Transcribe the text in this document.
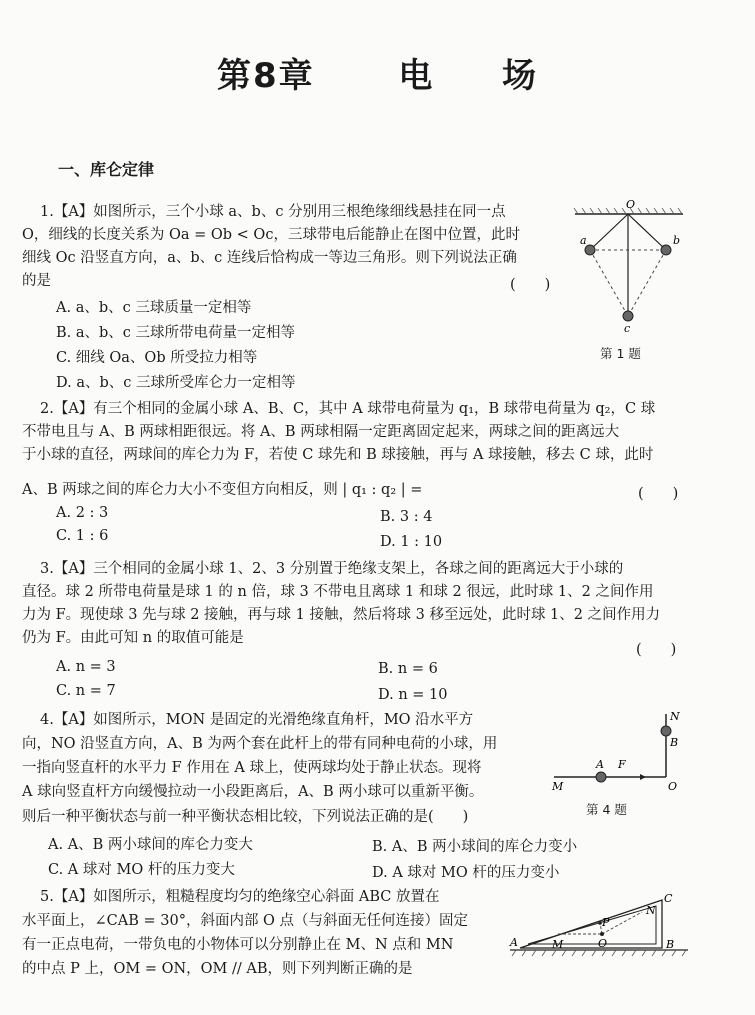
第8章 电 场
一、库仑定律
1.【A】如图所示，三个小球 a、b、c 分别用三根绝缘细线悬挂在同一点
O，细线的长度关系为 Oa = Ob < Oc，三球带电后能静止在图中位置，此时
细线 Oc 沿竖直方向，a、b、c 连线后恰构成一等边三角形。则下列说法正确
的是	(　　)
A. a、b、c 三球质量一定相等
B. a、b、c 三球所带电荷量一定相等
C. 细线 Oa、Ob 所受拉力相等
D. a、b、c 三球所受库仑力一定相等
O
a	b
c
第 1 题
2.【A】有三个相同的金属小球 A、B、C，其中 A 球带电荷量为 q₁，B 球带电荷量为 q₂，C 球
不带电且与 A、B 两球相距很远。将 A、B 两球相隔一定距离固定起来，两球之间的距离远大
于小球的直径，两球间的库仑力为 F，若使 C 球先和 B 球接触，再与 A 球接触，移去 C 球，此时
A、B 两球之间的库仑力大小不变但方向相反，则 | q₁ : q₂ | =	(　　)
A. 2 : 3	B. 3 : 4
C. 1 : 6	D. 1 : 10
3.【A】三个相同的金属小球 1、2、3 分别置于绝缘支架上，各球之间的距离远大于小球的
直径。球 2 所带电荷量是球 1 的 n 倍，球 3 不带电且离球 1 和球 2 很远，此时球 1、2 之间作用
力为 F。现使球 3 先与球 2 接触，再与球 1 接触，然后将球 3 移至远处，此时球 1、2 之间作用力
仍为 F。由此可知 n 的取值可能是
(　　)
A. n = 3	B. n = 6
C. n = 7	D. n = 10
4.【A】如图所示，MON 是固定的光滑绝缘直角杆，MO 沿水平方
向，NO 沿竖直方向，A、B 为两个套在此杆上的带有同种电荷的小球，用
一指向竖直杆的水平力 F 作用在 A 球上，使两球均处于静止状态。现将
A 球向竖直杆方向缓慢拉动一小段距离后，A、B 两小球可以重新平衡。
则后一种平衡状态与前一种平衡状态相比较，下列说法正确的是(　　)
A. A、B 两小球间的库仑力变大	B. A、B 两小球间的库仑力变小
C. A 球对 MO 杆的压力变大	D. A 球对 MO 杆的压力变小
N
B
A F
M	O
第 4 题
5.【A】如图所示，粗糙程度均匀的绝缘空心斜面 ABC 放置在
水平面上，∠CAB = 30°，斜面内部 O 点（与斜面无任何连接）固定
有一正点电荷，一带负电的小物体可以分别静止在 M、N 点和 MN
的中点 P 上，OM = ON，OM // AB，则下列判断正确的是
A	B
C
M
N
P
O
